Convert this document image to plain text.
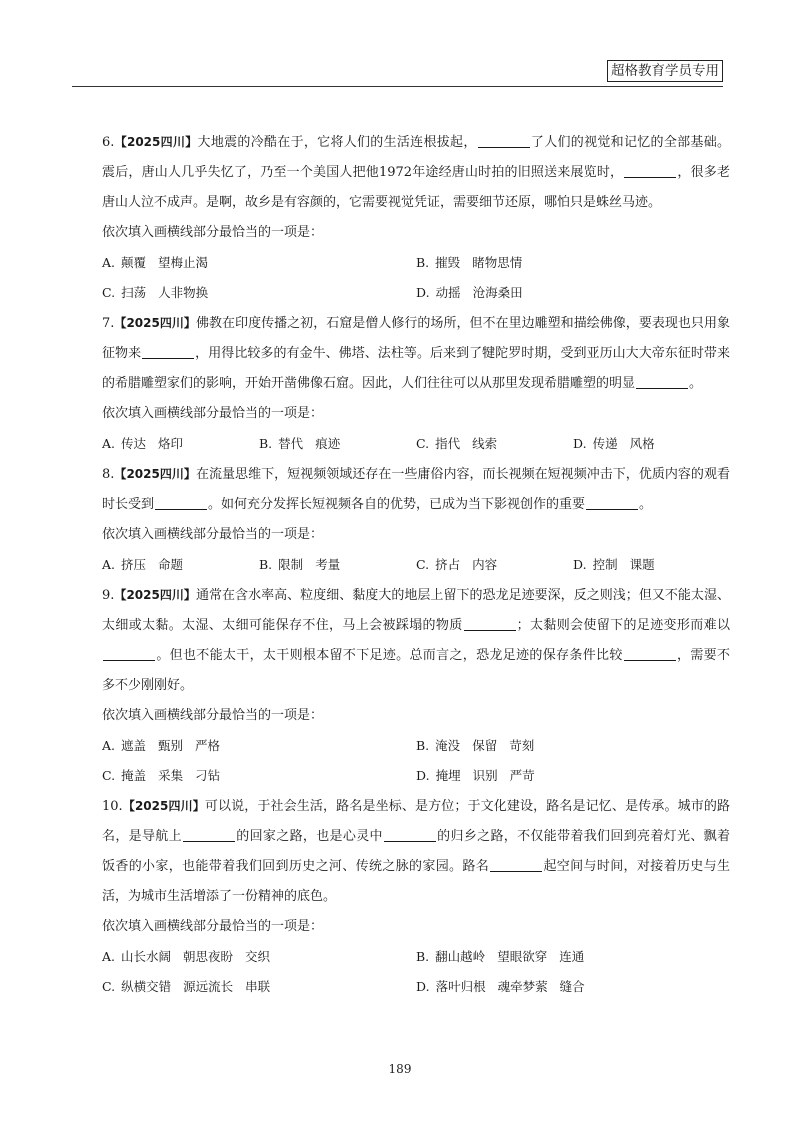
超格教育学员专用

6.【2025四川】大地震的冷酷在于，它将人们的生活连根拔起，	了人们的视觉和记忆的全部基础。震后，唐山人几乎失忆了，乃至一个美国人把他1972年途经唐山时拍的旧照送来展览时，	，很多老唐山人泣不成声。是啊，故乡是有容颜的，它需要视觉凭证，需要细节还原，哪怕只是蛛丝马迹。

依次填入画横线部分最恰当的一项是：

A. 颠覆 望梅止渴	B. 摧毁 睹物思情
C. 扫荡 人非物换	D. 动摇 沧海桑田

7.【2025四川】佛教在印度传播之初，石窟是僧人修行的场所，但不在里边雕塑和描绘佛像，要表现也只用象征物来	，用得比较多的有金牛、佛塔、法柱等。后来到了犍陀罗时期，受到亚历山大大帝东征时带来的希腊雕塑家们的影响，开始开凿佛像石窟。因此，人们往往可以从那里发现希腊雕塑的明显	。

依次填入画横线部分最恰当的一项是：

A. 传达 烙印	B. 替代 痕迹	C. 指代 线索	D. 传递 风格

8.【2025四川】在流量思维下，短视频领域还存在一些庸俗内容，而长视频在短视频冲击下，优质内容的观看时长受到	。如何充分发挥长短视频各自的优势，已成为当下影视创作的重要	。

依次填入画横线部分最恰当的一项是：

A. 挤压 命题	B. 限制 考量	C. 挤占 内容	D. 控制 课题

9.【2025四川】通常在含水率高、粒度细、黏度大的地层上留下的恐龙足迹要深，反之则浅；但又不能太湿、太细或太黏。太湿、太细可能保存不住，马上会被踩塌的物质	；太黏则会使留下的足迹变形而难以。但也不能太干，太干则根本留不下足迹。总而言之，恐龙足迹的保存条件比较	，需要不多不少刚刚好。

依次填入画横线部分最恰当的一项是：

A. 遮盖 甄别 严格	B. 淹没 保留 苛刻
C. 掩盖 采集 刁钻	D. 掩埋 识别 严苛

10.【2025四川】可以说，于社会生活，路名是坐标、是方位；于文化建设，路名是记忆、是传承。城市的路名，是导航上	的回家之路，也是心灵中	的归乡之路，不仅能带着我们回到亮着灯光、飘着饭香的小家，也能带着我们回到历史之河、传统之脉的家园。路名	起空间与时间，对接着历史与生活，为城市生活增添了一份精神的底色。

依次填入画横线部分最恰当的一项是：

A. 山长水阔 朝思夜盼 交织	B. 翻山越岭 望眼欲穿 连通
C. 纵横交错 源远流长 串联	D. 落叶归根 魂牵梦萦 缝合
189
